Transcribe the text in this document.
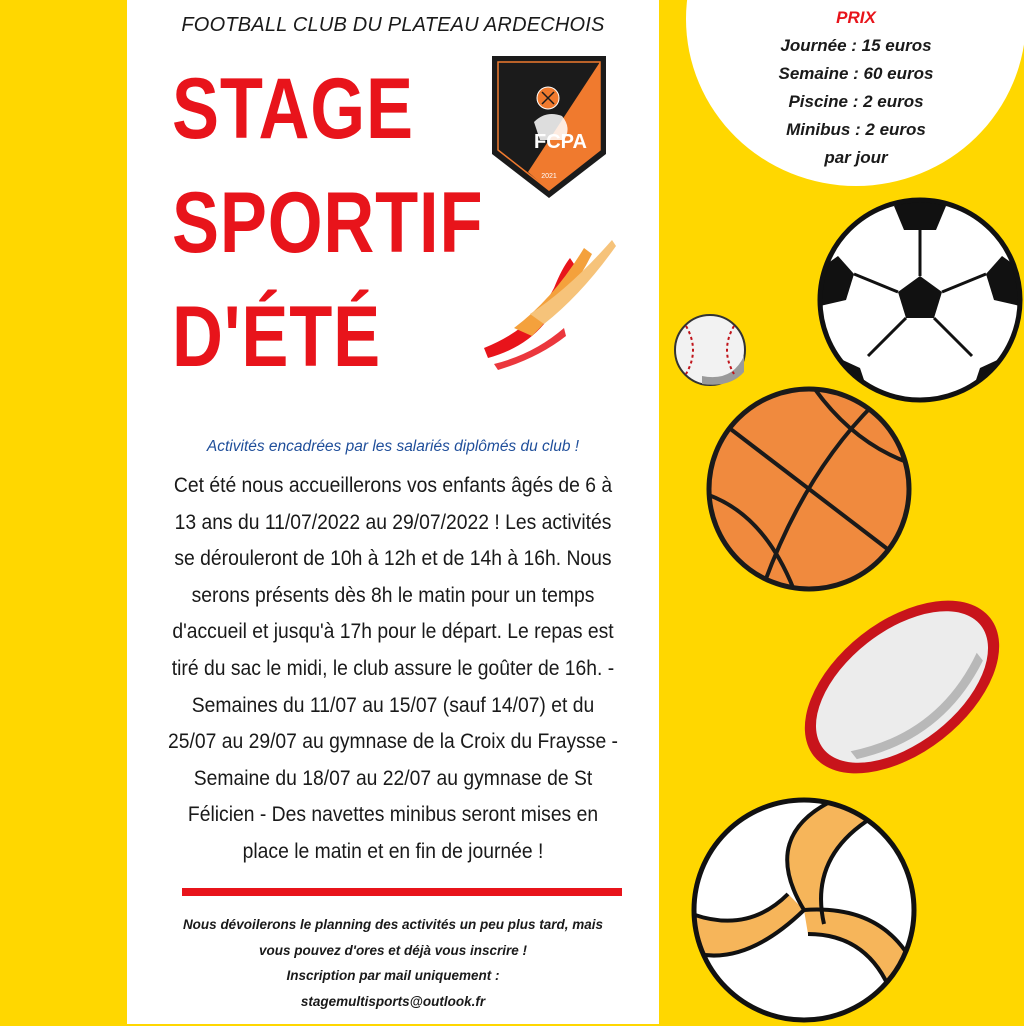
FOOTBALL CLUB DU PLATEAU ARDECHOIS
STAGE
SPORTIF
D'ÉTÉ
FCPA
2021
Activités encadrées par les salariés diplômés du club !
Cet été nous accueillerons vos enfants âgés de 6 à
13 ans du 11/07/2022 au 29/07/2022 ! Les activités
se dérouleront de 10h à 12h et de 14h à 16h. Nous
serons présents dès 8h le matin pour un temps
d'accueil et jusqu'à 17h pour le départ. Le repas est
tiré du sac le midi, le club assure le goûter de 16h. -
Semaines du 11/07 au 15/07 (sauf 14/07) et du
25/07 au 29/07 au gymnase de la Croix du Fraysse -
Semaine du 18/07 au 22/07 au gymnase de St
Félicien - Des navettes minibus seront mises en
place le matin et en fin de journée !
Nous dévoilerons le planning des activités un peu plus tard, mais
vous pouvez d'ores et déjà vous inscrire !
Inscription par mail uniquement :
stagemultisports@outlook.fr
PRIX
Journée : 15 euros
Semaine : 60 euros
Piscine : 2 euros
Minibus : 2 euros
par jour
